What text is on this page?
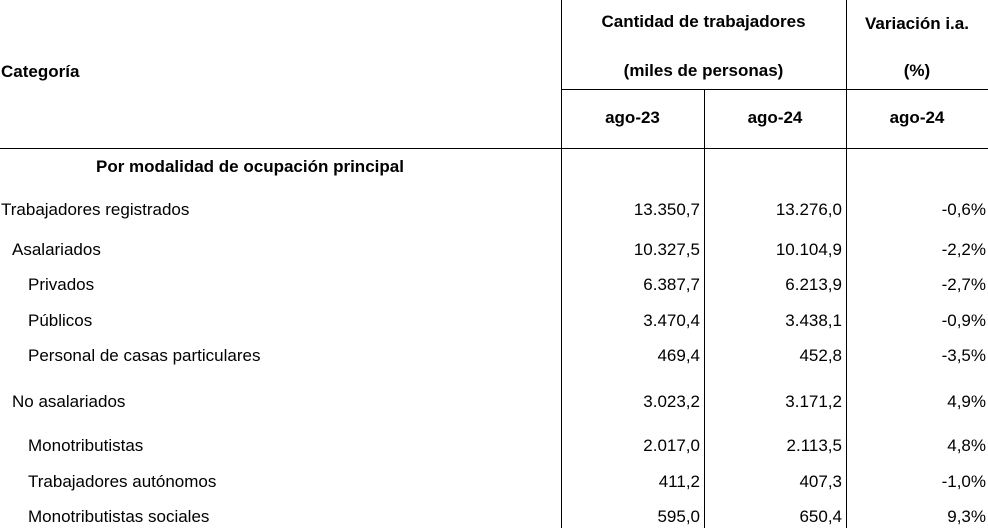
Categoría
Cantidad de trabajadores
(miles de personas)
Variación i.a.
(%)
ago-23	ago-24	ago-24
Por modalidad de ocupación principal
Trabajadores registrados	13.350,7	13.276,0	-0,6%
Asalariados	10.327,5	10.104,9	-2,2%
Privados	6.387,7	6.213,9	-2,7%
Públicos	3.470,4	3.438,1	-0,9%
Personal de casas particulares	469,4	452,8	-3,5%
No asalariados	3.023,2	3.171,2	4,9%
Monotributistas	2.017,0	2.113,5	4,8%
Trabajadores autónomos	411,2	407,3	-1,0%
Monotributistas sociales	595,0	650,4	9,3%
